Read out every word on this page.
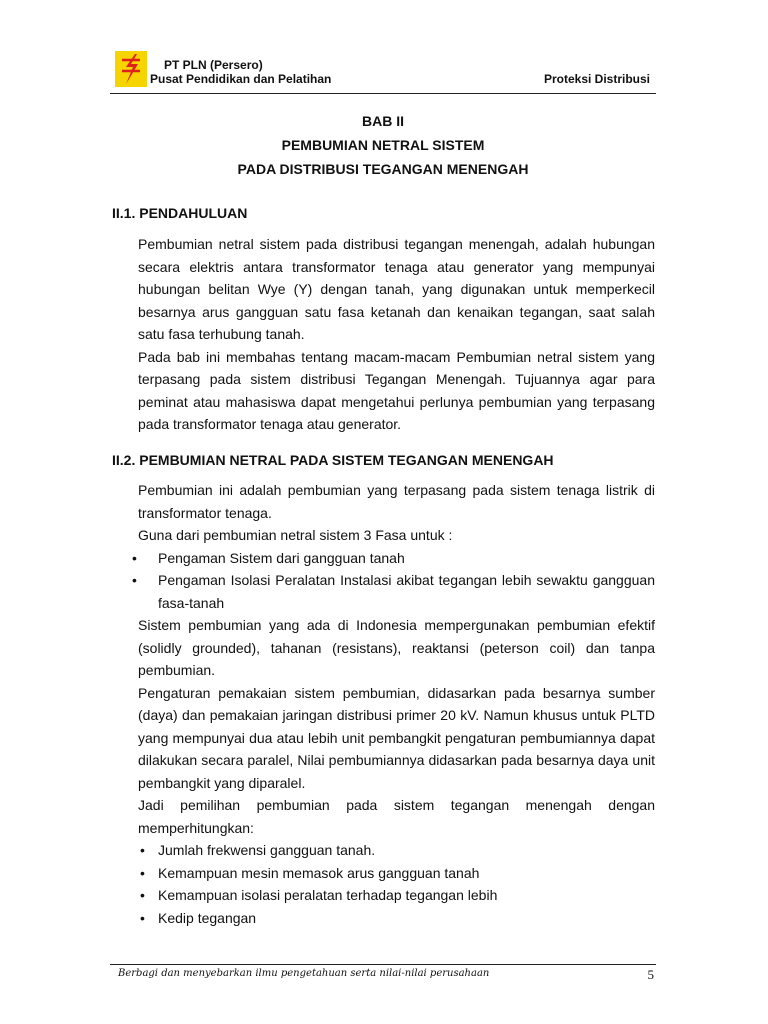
PT PLN (Persero)
Pusat Pendidikan dan Pelatihan	Proteksi Distribusi
BAB II
PEMBUMIAN NETRAL SISTEM
PADA DISTRIBUSI TEGANGAN MENENGAH
II.1. PENDAHULUAN

Pembumian netral sistem pada distribusi tegangan menengah, adalah hubungan secara elektris antara transformator tenaga atau generator yang mempunyai hubungan belitan Wye (Y) dengan tanah, yang digunakan untuk memperkecil besarnya arus gangguan satu fasa ketanah dan kenaikan tegangan, saat salah satu fasa terhubung tanah.

Pada bab ini membahas tentang macam-macam Pembumian netral sistem yang terpasang pada sistem distribusi Tegangan Menengah. Tujuannya agar para peminat atau mahasiswa dapat mengetahui perlunya pembumian yang terpasang pada transformator tenaga atau generator.

II.2. PEMBUMIAN NETRAL PADA SISTEM TEGANGAN MENENGAH

Pembumian ini adalah pembumian yang terpasang pada sistem tenaga listrik di transformator tenaga.

Guna dari pembumian netral sistem 3 Fasa untuk :

• Pengaman Sistem dari gangguan tanah
• Pengaman Isolasi Peralatan Instalasi akibat tegangan lebih sewaktu gangguan fasa-tanah

Sistem pembumian yang ada di Indonesia mempergunakan pembumian efektif (solidly grounded), tahanan (resistans), reaktansi (peterson coil) dan tanpa pembumian.

Pengaturan pemakaian sistem pembumian, didasarkan pada besarnya sumber (daya) dan pemakaian jaringan distribusi primer 20 kV. Namun khusus untuk PLTD yang mempunyai dua atau lebih unit pembangkit pengaturan pembumiannya dapat dilakukan secara paralel, Nilai pembumiannya didasarkan pada besarnya daya unit pembangkit yang diparalel.

Jadi pemilihan pembumian pada sistem tegangan menengah dengan memperhitungkan:

• Jumlah frekwensi gangguan tanah.
• Kemampuan mesin memasok arus gangguan tanah
• Kemampuan isolasi peralatan terhadap tegangan lebih
• Kedip tegangan
Berbagi dan menyebarkan ilmu pengetahuan serta nilai-nilai perusahaan	5
